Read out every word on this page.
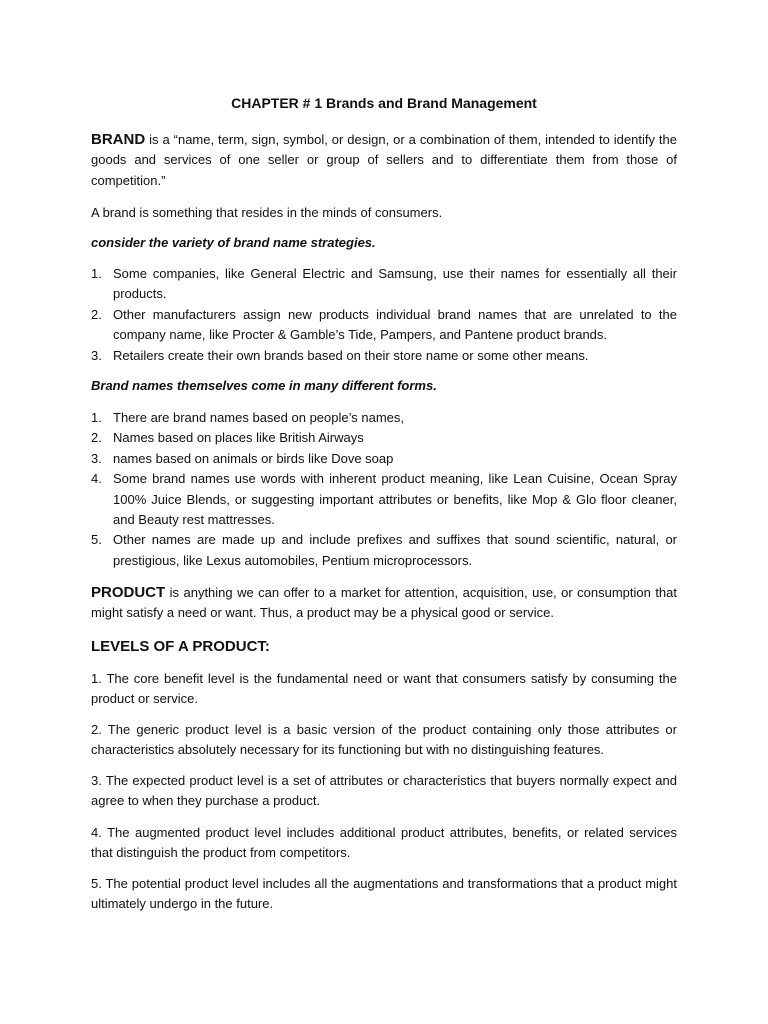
CHAPTER # 1 Brands and Brand Management

BRAND is a “name, term, sign, symbol, or design, or a combination of them, intended to identify the goods and services of one seller or group of sellers and to differentiate them from those of competition.”

A brand is something that resides in the minds of consumers.

consider the variety of brand name strategies.

1. Some companies, like General Electric and Samsung, use their names for essentially all their products.
2. Other manufacturers assign new products individual brand names that are unrelated to the company name, like Procter & Gamble’s Tide, Pampers, and Pantene product brands.
3. Retailers create their own brands based on their store name or some other means.

Brand names themselves come in many different forms.

1. There are brand names based on people’s names,
2. Names based on places like British Airways
3. names based on animals or birds like Dove soap
4. Some brand names use words with inherent product meaning, like Lean Cuisine, Ocean Spray 100% Juice Blends, or suggesting important attributes or benefits, like Mop & Glo floor cleaner, and Beauty rest mattresses.
5. Other names are made up and include prefixes and suffixes that sound scientific, natural, or prestigious, like Lexus automobiles, Pentium microprocessors.

PRODUCT is anything we can offer to a market for attention, acquisition, use, or consumption that might satisfy a need or want. Thus, a product may be a physical good or service.

LEVELS OF A PRODUCT:

1. The core benefit level is the fundamental need or want that consumers satisfy by consuming the product or service.

2. The generic product level is a basic version of the product containing only those attributes or characteristics absolutely necessary for its functioning but with no distinguishing features.

3. The expected product level is a set of attributes or characteristics that buyers normally expect and agree to when they purchase a product.

4. The augmented product level includes additional product attributes, benefits, or related services that distinguish the product from competitors.

5. The potential product level includes all the augmentations and transformations that a product might ultimately undergo in the future.
